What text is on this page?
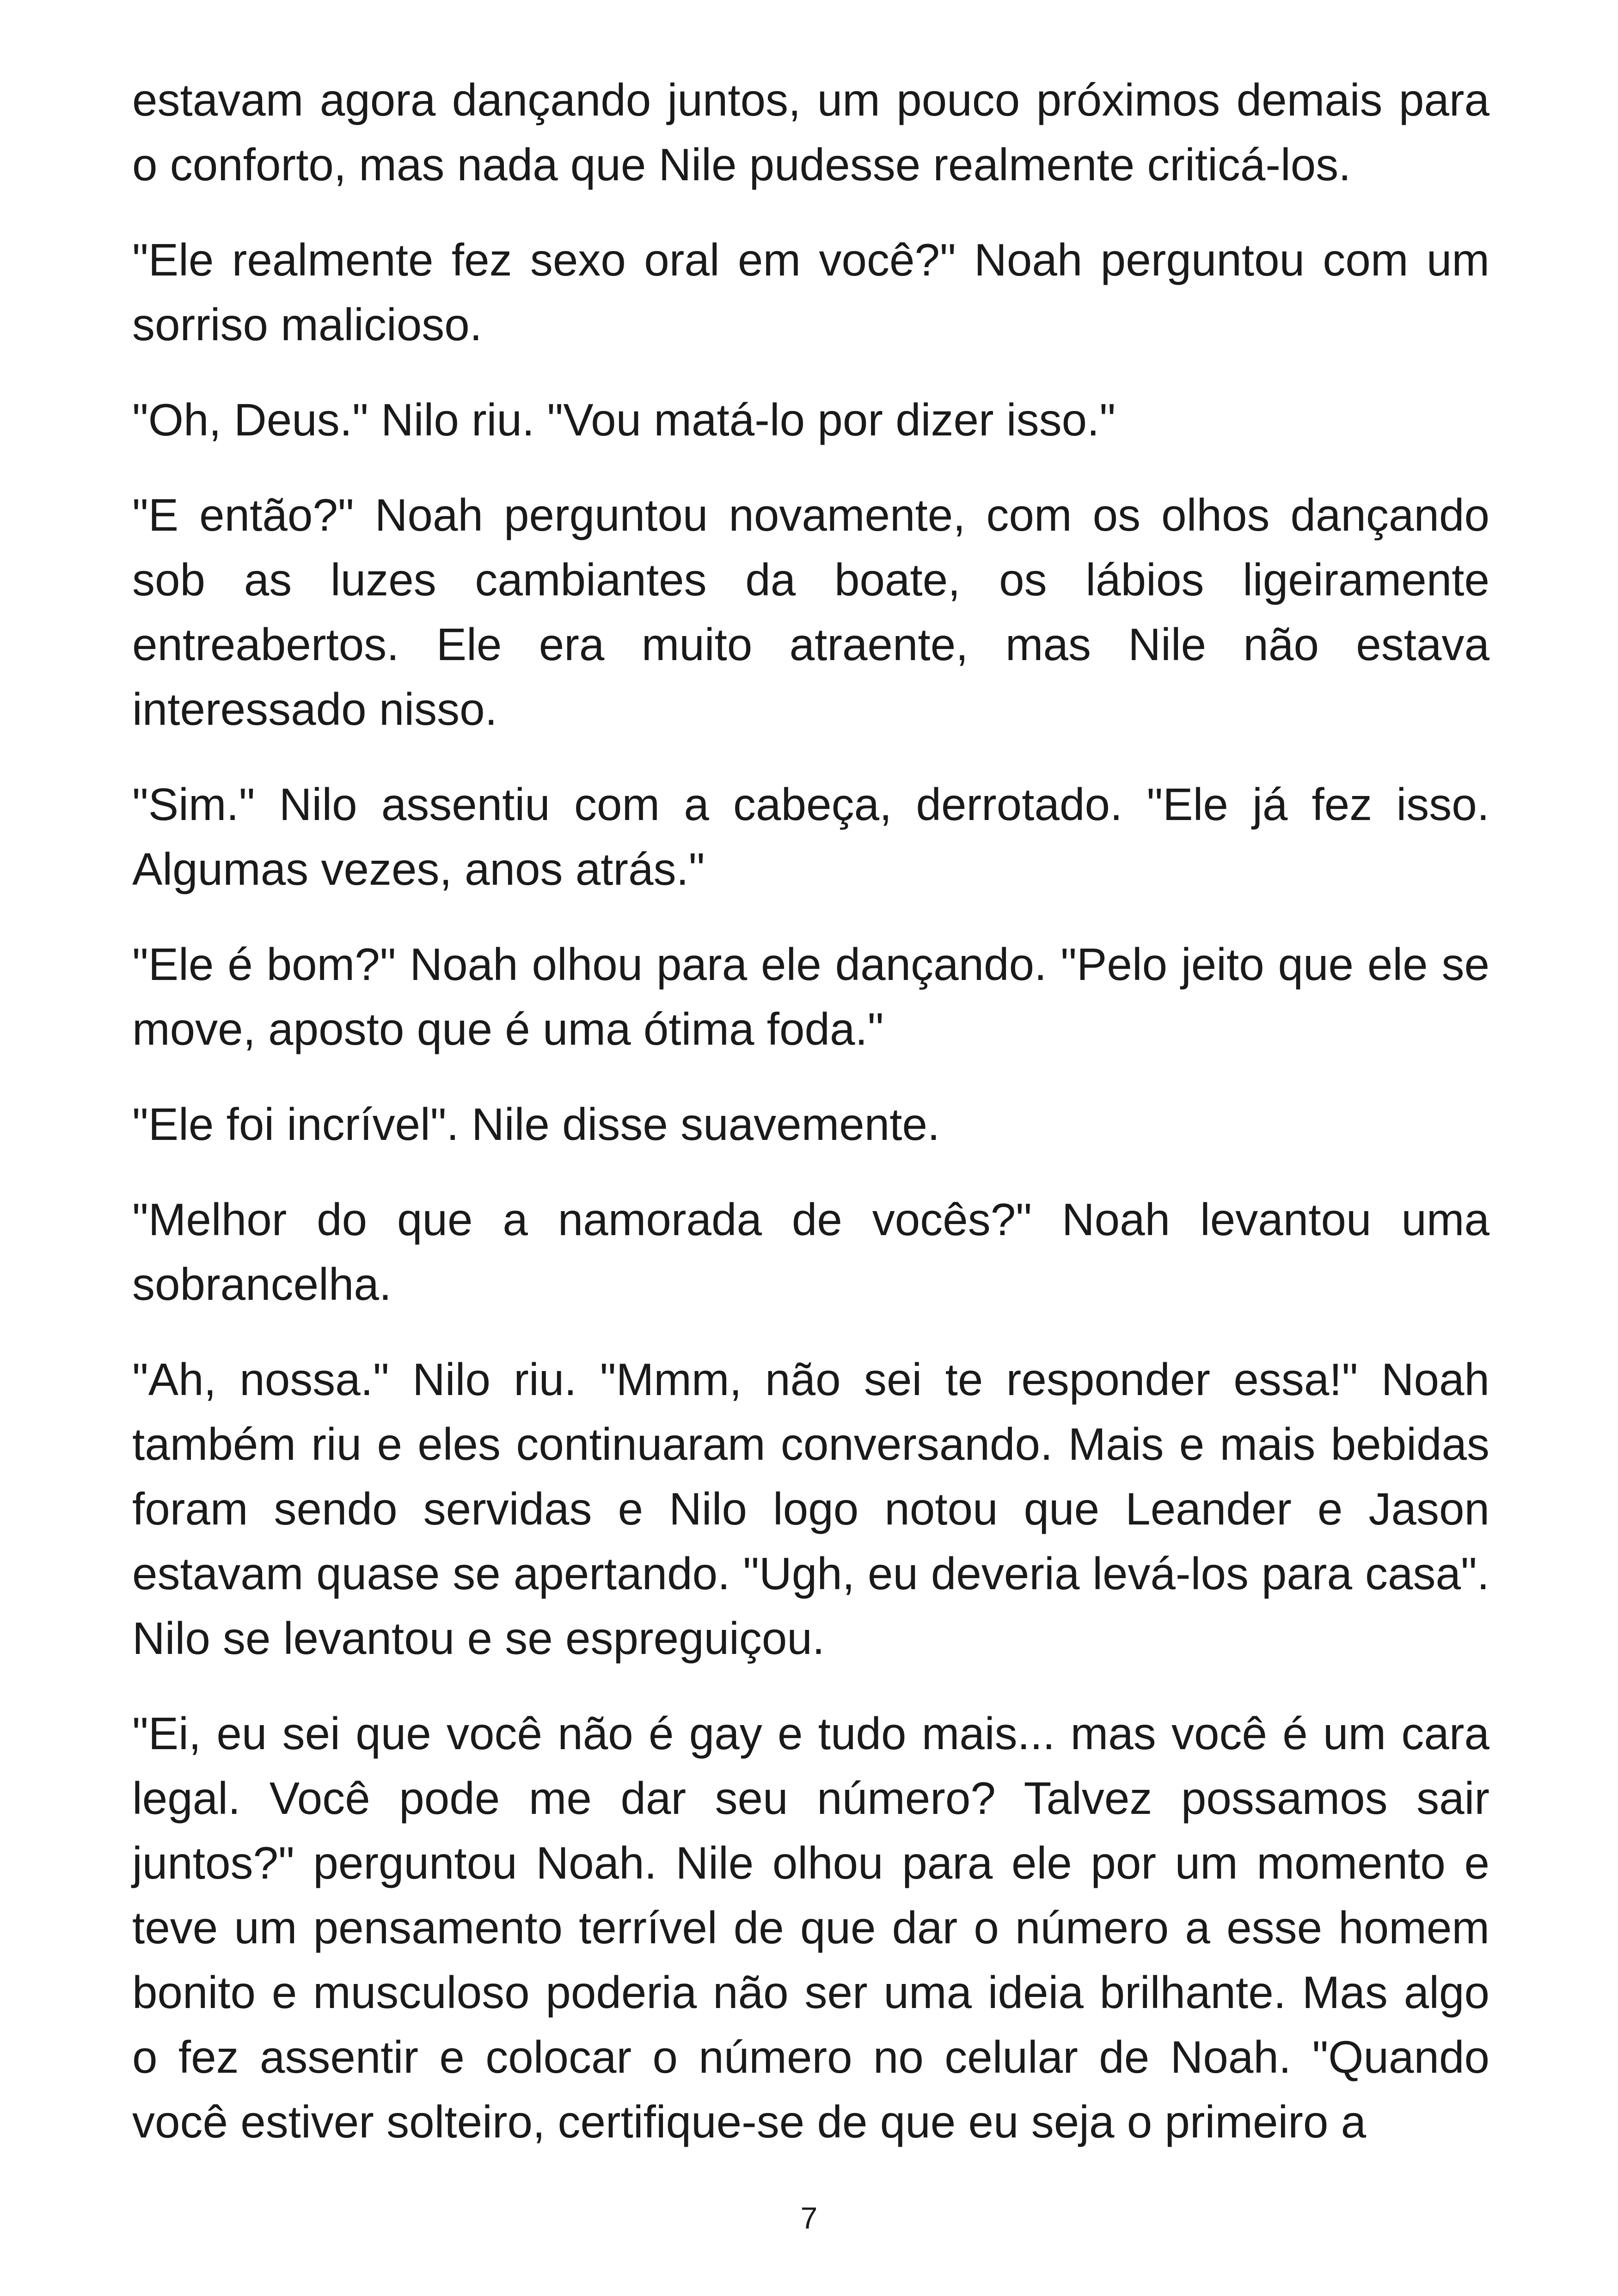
estavam agora dançando juntos, um pouco próximos demais para o conforto, mas nada que Nile pudesse realmente criticá-los.

"Ele realmente fez sexo oral em você?" Noah perguntou com um sorriso malicioso.

"Oh, Deus." Nilo riu. "Vou matá-lo por dizer isso."

"E então?" Noah perguntou novamente, com os olhos dançando sob as luzes cambiantes da boate, os lábios ligeiramente entreabertos. Ele era muito atraente, mas Nile não estava interessado nisso.

"Sim." Nilo assentiu com a cabeça, derrotado. "Ele já fez isso. Algumas vezes, anos atrás."

"Ele é bom?" Noah olhou para ele dançando. "Pelo jeito que ele se move, aposto que é uma ótima foda."

"Ele foi incrível". Nile disse suavemente.

"Melhor do que a namorada de vocês?" Noah levantou uma sobrancelha.

"Ah, nossa." Nilo riu. "Mmm, não sei te responder essa!" Noah também riu e eles continuaram conversando. Mais e mais bebidas foram sendo servidas e Nilo logo notou que Leander e Jason estavam quase se apertando. "Ugh, eu deveria levá-los para casa". Nilo se levantou e se espreguiçou.

"Ei, eu sei que você não é gay e tudo mais... mas você é um cara legal. Você pode me dar seu número? Talvez possamos sair juntos?" perguntou Noah. Nile olhou para ele por um momento e teve um pensamento terrível de que dar o número a esse homem bonito e musculoso poderia não ser uma ideia brilhante. Mas algo o fez assentir e colocar o número no celular de Noah. "Quando você estiver solteiro, certifique-se de que eu seja o primeiro a

7
